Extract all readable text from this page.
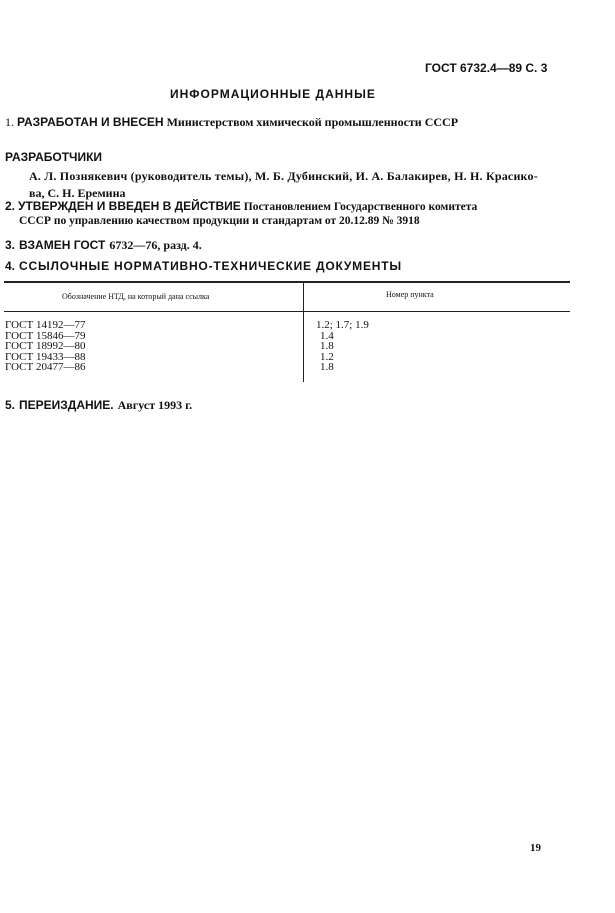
ГОСТ 6732.4—89 С. 3
ИНФОРМАЦИОННЫЕ ДАННЫЕ
1. РАЗРАБОТАН И ВНЕСЕН Министерством химической промышленности СССР
РАЗРАБОТЧИКИ
А. Л. Познякевич (руководитель темы), М. Б. Дубинский, И. А. Балакирев, Н. Н. Красико-
ва, С. Н. Еремина
2. УТВЕРЖДЕН И ВВЕДЕН В ДЕЙСТВИЕ Постановлением Государственного комитета
СССР по управлению качеством продукции и стандартам от 20.12.89 № 3918
3. ВЗАМЕН ГОСТ 6732—76, разд. 4.
4. ССЫЛОЧНЫЕ НОРМАТИВНО-ТЕХНИЧЕСКИЕ ДОКУМЕНТЫ
Обозначение НТД, на который дана ссылка	Номер пункта
ГОСТ 14192—77
ГОСТ 15846—79
ГОСТ 18992—80
ГОСТ 19433—88
ГОСТ 20477—86
1.2; 1.7; 1.9
1.4
1.8
1.2
1.8
5. ПЕРЕИЗДАНИЕ. Август 1993 г.
19
